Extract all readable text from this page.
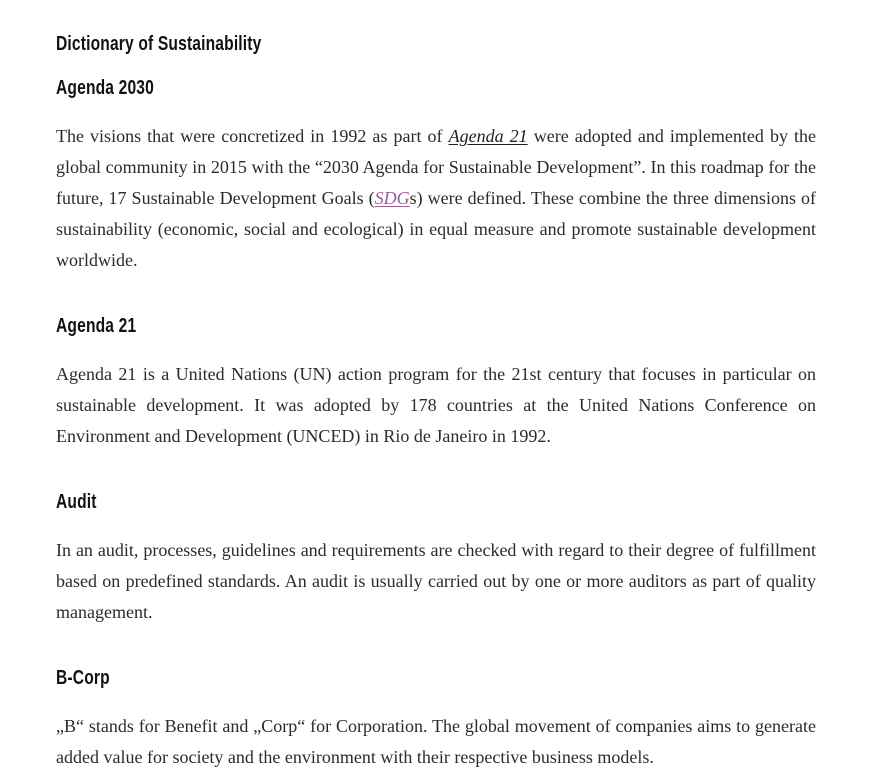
Dictionary of Sustainability
Agenda 2030

The visions that were concretized in 1992 as part of Agenda 21 were adopted and implemented by the global community in 2015 with the “2030 Agenda for Sustainable Development”. In this roadmap for the future, 17 Sustainable Development Goals (SDGs) were defined. These combine the three dimensions of sustainability (economic, social and ecological) in equal measure and promote sustainable development worldwide.

Agenda 21

Agenda 21 is a United Nations (UN) action program for the 21st century that focuses in particular on sustainable development. It was adopted by 178 countries at the United Nations Conference on Environment and Development (UNCED) in Rio de Janeiro in 1992.

Audit

In an audit, processes, guidelines and requirements are checked with regard to their degree of fulfillment based on predefined standards. An audit is usually carried out by one or more auditors as part of quality management.

B-Corp

„B“ stands for Benefit and „Corp“ for Corporation. The global movement of companies aims to generate added value for society and the environment with their respective business models.
